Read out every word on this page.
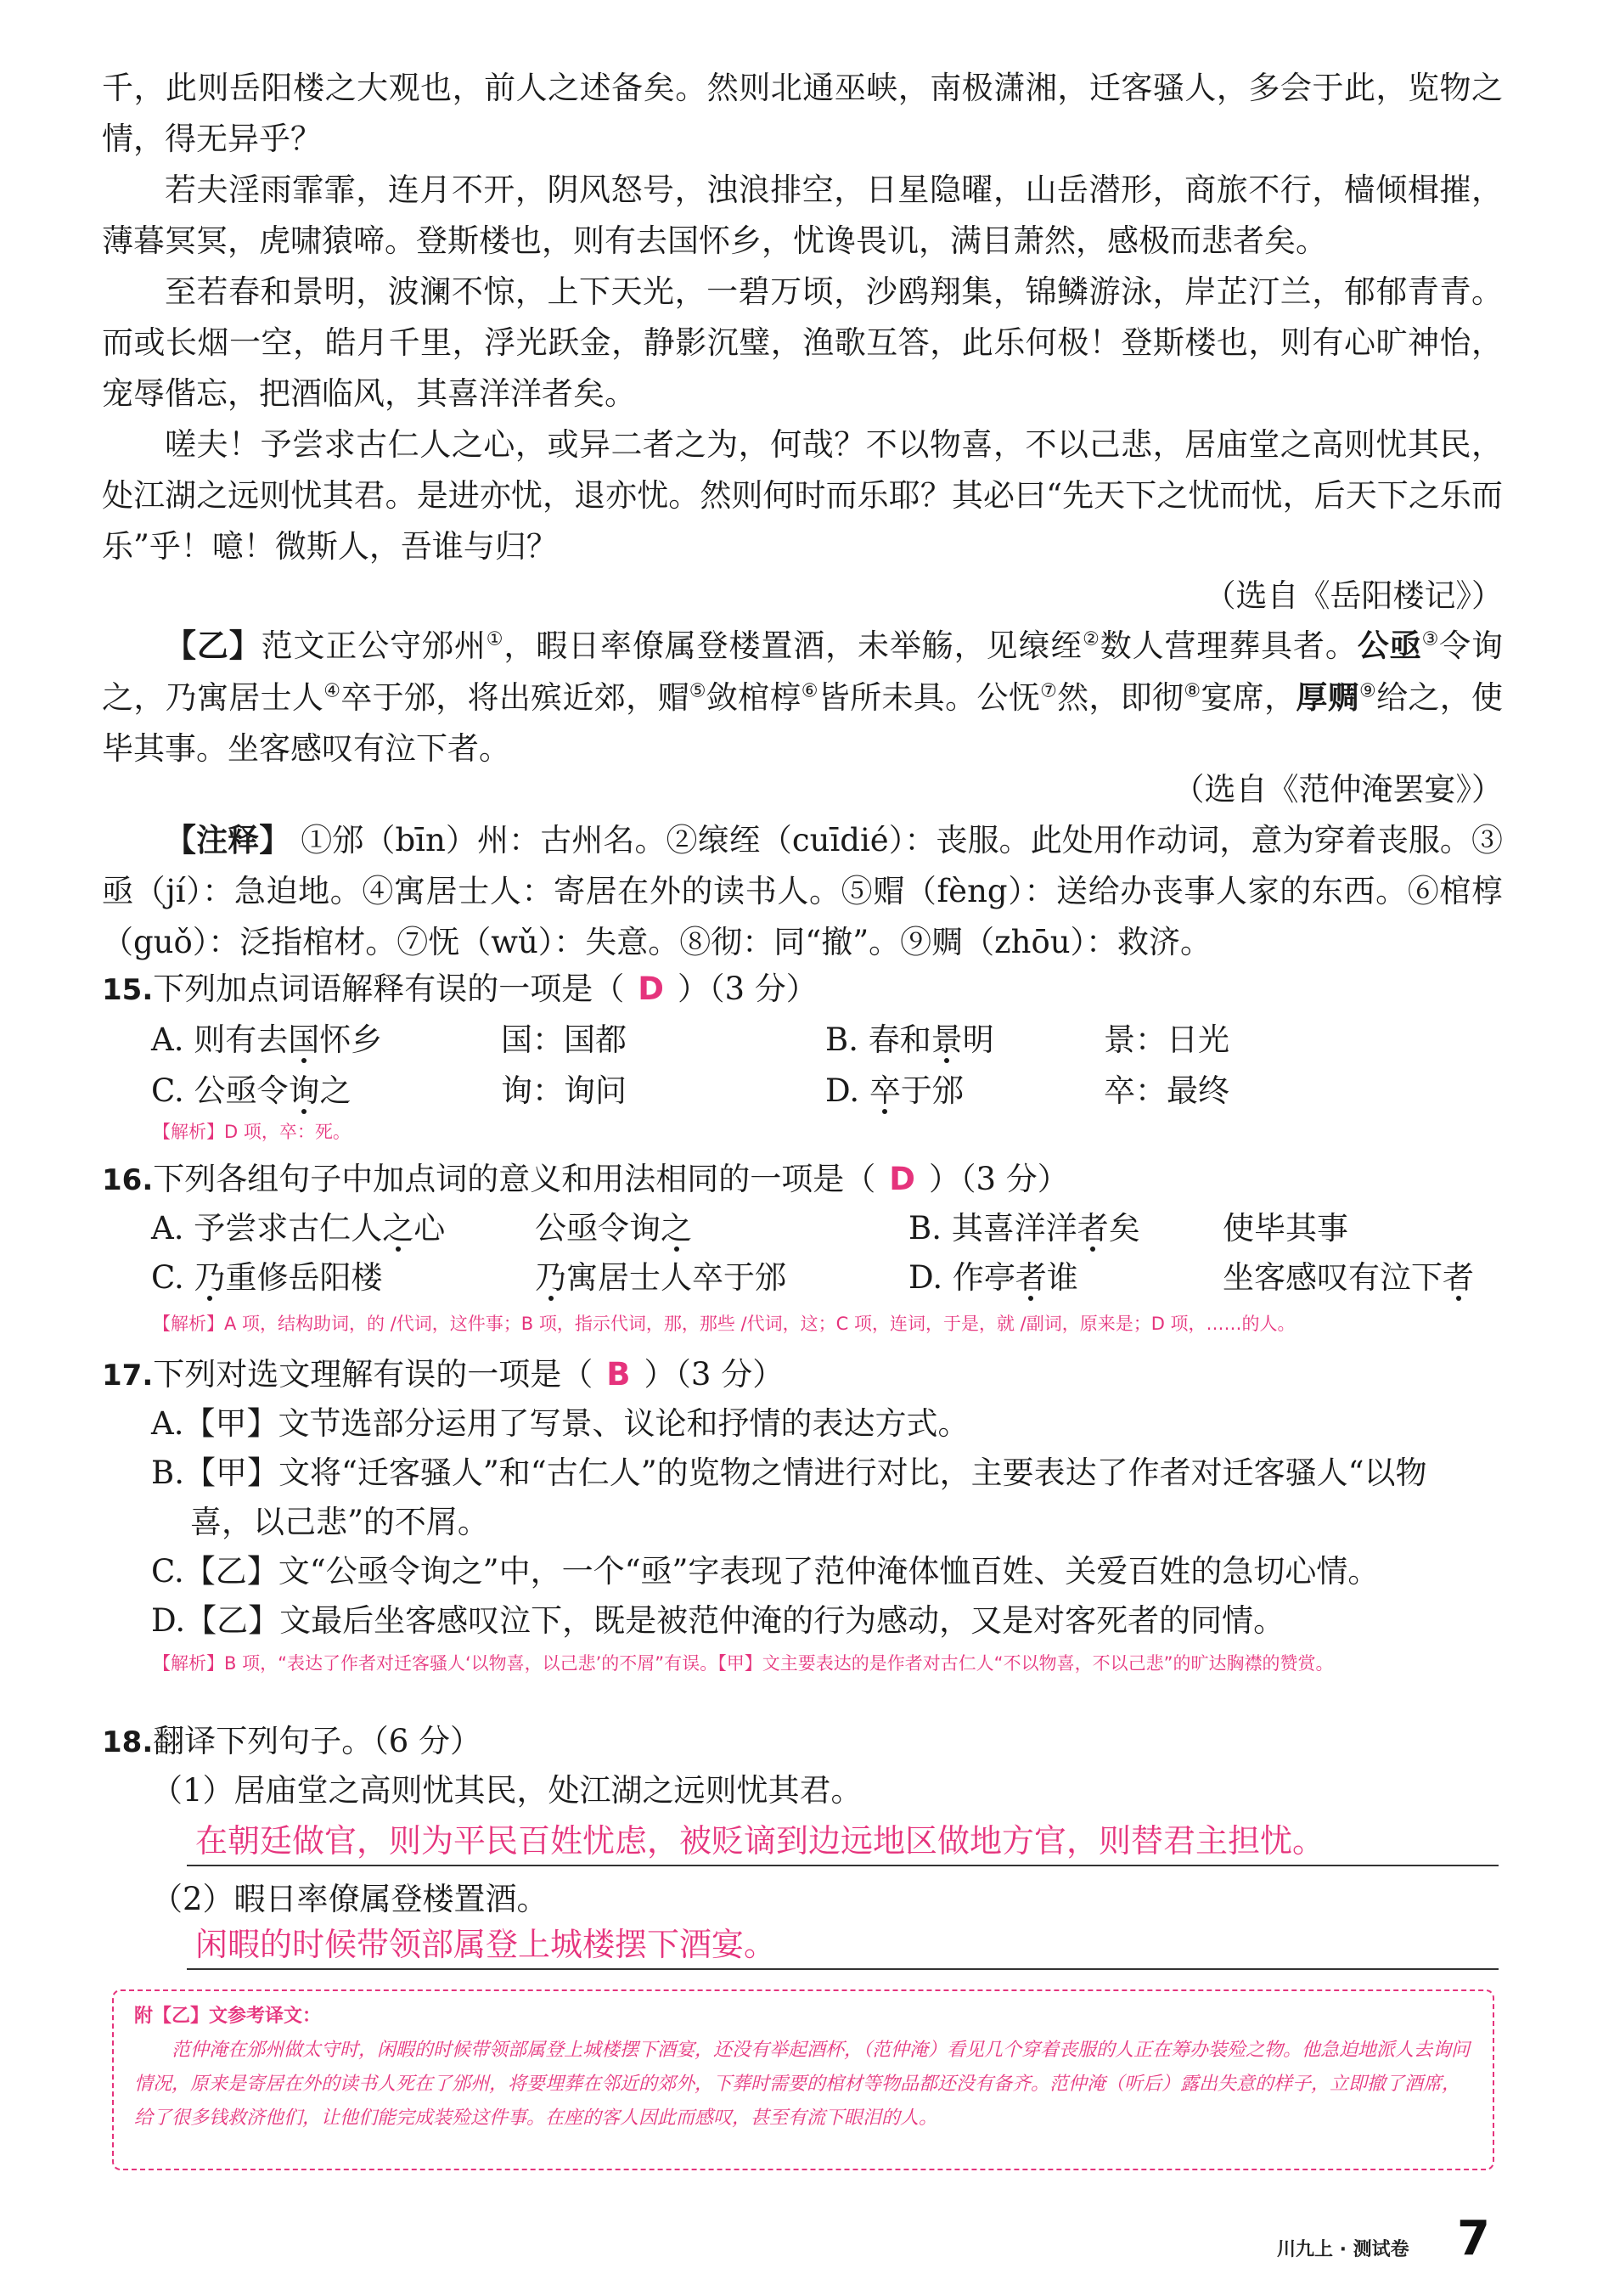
千，此则岳阳楼之大观也，前人之述备矣。然则北通巫峡，南极潇湘，迁客骚人，多会于此，览物之情，得无异乎？

若夫淫雨霏霏，连月不开，阴风怒号，浊浪排空，日星隐曜，山岳潜形，商旅不行，樯倾楫摧，薄暮冥冥，虎啸猿啼。登斯楼也，则有去国怀乡，忧谗畏讥，满目萧然，感极而悲者矣。

至若春和景明，波澜不惊，上下天光，一碧万顷，沙鸥翔集，锦鳞游泳，岸芷汀兰，郁郁青青。而或长烟一空，皓月千里，浮光跃金，静影沉璧，渔歌互答，此乐何极！登斯楼也，则有心旷神怡，宠辱偕忘，把酒临风，其喜洋洋者矣。

嗟夫！予尝求古仁人之心，或异二者之为，何哉？不以物喜，不以己悲，居庙堂之高则忧其民，处江湖之远则忧其君。是进亦忧，退亦忧。然则何时而乐耶？其必曰“先天下之忧而忧，后天下之乐而乐”乎！噫！微斯人，吾谁与归？

（选自《岳阳楼记》）

【乙】范文正公守邠州①，暇日率僚属登楼置酒，未举觞，见缞绖②数人营理葬具者。公亟③令询之，乃寓居士人④卒于邠，将出殡近郊，赗⑤敛棺椁⑥皆所未具。公怃⑦然，即彻⑧宴席，厚赒⑨给之，使毕其事。坐客感叹有泣下者。

（选自《范仲淹罢宴》）

【注释】 ①邠（bīn）州：古州名。②缞绖（cuīdié）：丧服。此处用作动词，意为穿着丧服。③亟（jí）：急迫地。④寓居士人：寄居在外的读书人。⑤赗（fèng）：送给办丧事人家的东西。⑥棺椁（guǒ）：泛指棺材。⑦怃（wǔ）：失意。⑧彻：同“撤”。⑨赒（zhōu）：救济。

15.下列加点词语解释有误的一项是（ D ）（3 分）

A. 则有去国怀乡	国：国都	B. 春和景明	景：日光
C. 公亟令询之	询：询问	D. 卒于邠	卒：最终

【解析】D 项，卒：死。

16.下列各组句子中加点词的意义和用法相同的一项是（ D ）（3 分）

A. 予尝求古仁人之心	公亟令询之	B. 其喜洋洋者矣	使毕其事
C. 乃重修岳阳楼	乃寓居士人卒于邠	D. 作亭者谁	坐客感叹有泣下者

【解析】A 项，结构助词，的 /代词，这件事；B 项，指示代词，那，那些 /代词，这；C 项，连词，于是，就 /副词，原来是；D 项，……的人。

17.下列对选文理解有误的一项是（ B ）（3 分）

A.【甲】文节选部分运用了写景、议论和抒情的表达方式。
B.【甲】文将“迁客骚人”和“古仁人”的览物之情进行对比，主要表达了作者对迁客骚人“以物
喜，以己悲”的不屑。
C.【乙】文“公亟令询之”中，一个“亟”字表现了范仲淹体恤百姓、关爱百姓的急切心情。
D.【乙】文最后坐客感叹泣下，既是被范仲淹的行为感动，又是对客死者的同情。

【解析】B 项，“表达了作者对迁客骚人‘以物喜，以己悲’的不屑”有误。【甲】文主要表达的是作者对古仁人“不以物喜，不以己悲”的旷达胸襟的赞赏。

18.翻译下列句子。（6 分）

（1）居庙堂之高则忧其民，处江湖之远则忧其君。
在朝廷做官，则为平民百姓忧虑，被贬谪到边远地区做地方官，则替君主担忧。
（2）暇日率僚属登楼置酒。
闲暇的时候带领部属登上城楼摆下酒宴。
附【乙】文参考译文：

范仲淹在邠州做太守时，闲暇的时候带领部属登上城楼摆下酒宴，还没有举起酒杯，（范仲淹）看见几个穿着丧服的人正在筹办装殓之物。他急迫地派人去询问情况，原来是寄居在外的读书人死在了邠州，将要埋葬在邻近的郊外，下葬时需要的棺材等物品都还没有备齐。范仲淹（听后）露出失意的样子，立即撤了酒席，给了很多钱救济他们，让他们能完成装殓这件事。在座的客人因此而感叹，甚至有流下眼泪的人。

川九上 · 测试卷 7
